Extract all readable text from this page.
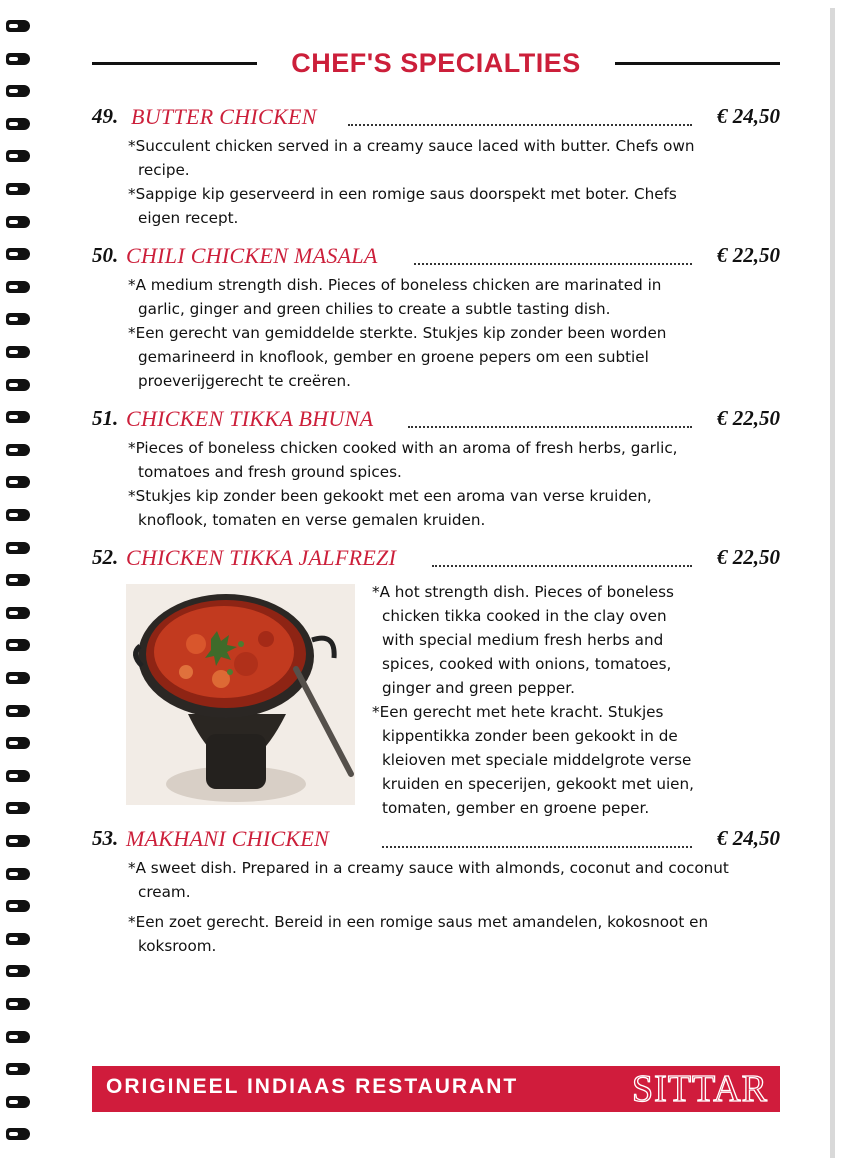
CHEF'S SPECIALTIES
49. BUTTER CHICKEN	€ 24,50

*Succulent chicken served in a creamy sauce laced with butter. Chefs own recipe.

*Sappige kip geserveerd in een romige saus doorspekt met boter. Chefs eigen recept.

50. CHILI CHICKEN MASALA	€ 22,50

*A medium strength dish. Pieces of boneless chicken are marinated in garlic, ginger and green chilies to create a subtle tasting dish.

*Een gerecht van gemiddelde sterkte. Stukjes kip zonder been worden gemarineerd in knoflook, gember en groene pepers om een subtiel proeverijgerecht te creëren.

51. CHICKEN TIKKA BHUNA	€ 22,50

*Pieces of boneless chicken cooked with an aroma of fresh herbs, garlic, tomatoes and fresh ground spices.

*Stukjes kip zonder been gekookt met een aroma van verse kruiden, knoflook, tomaten en verse gemalen kruiden.

52. CHICKEN TIKKA JALFREZI	€ 22,50

*A hot strength dish. Pieces of boneless chicken tikka cooked in the clay oven with special medium fresh herbs and spices, cooked with onions, tomatoes, ginger and green pepper.

*Een gerecht met hete kracht. Stukjes kippentikka zonder been gekookt in de kleioven met speciale middelgrote verse kruiden en specerijen, gekookt met uien, tomaten, gember en groene peper.

53. MAKHANI CHICKEN	€ 24,50

*A sweet dish. Prepared in a creamy sauce with almonds, coconut and coconut cream.

*Een zoet gerecht. Bereid in een romige saus met amandelen, kokosnoot en koksroom.

ORIGINEEL INDIAAS RESTAURANT	SITTAR
